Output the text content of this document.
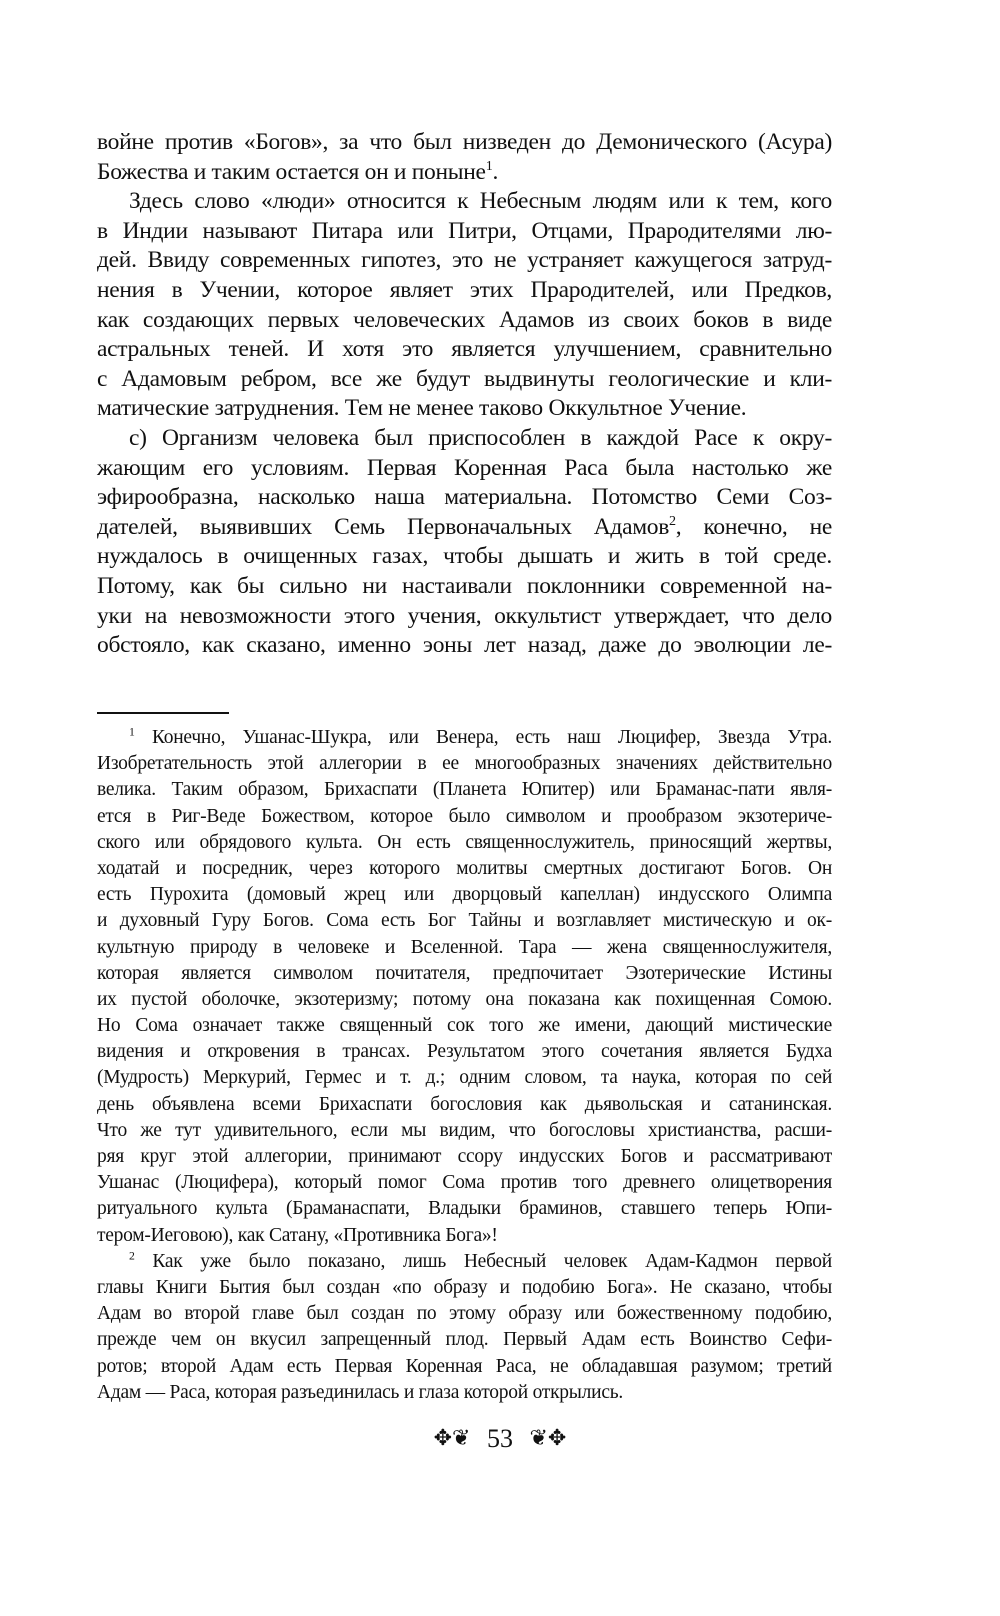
войне против «Богов», за что был низведен до Демонического (Асура)
Божества и таким остается он и поныне$^1$.
Здесь слово «люди» относится к Небесным людям или к тем, кого
в Индии называют Питара или Питри, Отцами, Прародителями лю-
дей. Ввиду современных гипотез, это не устраняет кажущегося затруд-
нения в Учении, которое являет этих Прародителей, или Предков,
как создающих первых человеческих Адамов из своих боков в виде
астральных теней. И хотя это является улучшением, сравнительно
с Адамовым ребром, все же будут выдвинуты геологические и кли-
матические затруднения. Тем не менее таково Оккультное Учение.
с) Организм человека был приспособлен в каждой Расе к окру-
жающим его условиям. Первая Коренная Раса была настолько же
эфирообразна, насколько наша материальна. Потомство Семи Соз-
дателей, выявивших Семь Первоначальных Адамов$^2$, конечно, не
нуждалось в очищенных газах, чтобы дышать и жить в той среде.
Потому, как бы сильно ни настаивали поклонники современной на-
уки на невозможности этого учения, оккультист утверждает, что дело
обстояло, как сказано, именно эоны лет назад, даже до эволюции ле-
$^1$ Конечно, Ушанас-Шукра, или Венера, есть наш Люцифер, Звезда Утра.
Изобретательность этой аллегории в ее многообразных значениях действительно
велика. Таким образом, Брихаспати (Планета Юпитер) или Браманас-пати явля-
ется в Риг-Веде Божеством, которое было символом и прообразом экзотериче-
ского или обрядового культа. Он есть священнослужитель, приносящий жертвы,
ходатай и посредник, через которого молитвы смертных достигают Богов. Он
есть Пурохита (домовый жрец или дворцовый капеллан) индусского Олимпа
и духовный Гуру Богов. Сома есть Бог Тайны и возглавляет мистическую и ок-
культную природу в человеке и Вселенной. Тара — жена священнослужителя,
которая является символом почитателя, предпочитает Эзотерические Истины
их пустой оболочке, экзотеризму; потому она показана как похищенная Сомою.
Но Сома означает также священный сок того же имени, дающий мистические
видения и откровения в трансах. Результатом этого сочетания является Будха
(Мудрость) Меркурий, Гермес и т. д.; одним словом, та наука, которая по сей
день объявлена всеми Брихаспати богословия как дьявольская и сатанинская.
Что же тут удивительного, если мы видим, что богословы христианства, расши-
ряя круг этой аллегории, принимают ссору индусских Богов и рассматривают
Ушанас (Люцифера), который помог Сома против того древнего олицетворения
ритуального культа (Браманаспати, Владыки браминов, ставшего теперь Юпи-
тером-Иеговою), как Сатану, «Противника Бога»!
$^2$ Как уже было показано, лишь Небесный человек Адам-Кадмон первой
главы Книги Бытия был создан «по образу и подобию Бога». Не сказано, чтобы
Адам во второй главе был создан по этому образу или божественному подобию,
прежде чем он вкусил запрещенный плод. Первый Адам есть Воинство Сефи-
ротов; второй Адам есть Первая Коренная Раса, не обладавшая разумом; третий
Адам — Раса, которая разъединилась и глаза которой открылись.
✥❦ 53 ❦✥
